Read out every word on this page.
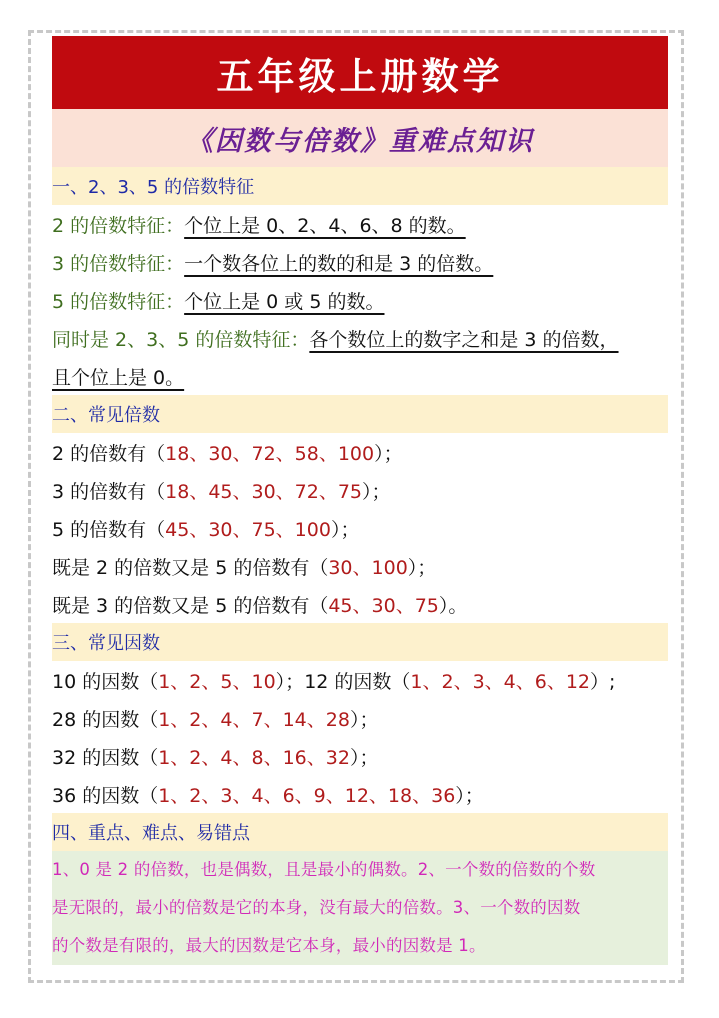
五年级上册数学
《因数与倍数》重难点知识
一、2、3、5 的倍数特征
2 的倍数特征： 个位上是 0、2、4、6、8 的数。
3 的倍数特征： 一个数各位上的数的和是 3 的倍数。
5 的倍数特征： 个位上是 0 或 5 的数。
同时是 2、3、5 的倍数特征： 各个数位上的数字之和是 3 的倍数，
且个位上是 0。
二、常见倍数
2 的倍数有（ 18、30、72、58、100 ）；
3 的倍数有（ 18、45、30、72、75 ）；
5 的倍数有（ 45、30、75、100 ）；
既是 2 的倍数又是 5 的倍数有（ 30、100 ）；
既是 3 的倍数又是 5 的倍数有（ 45、30、75 ）。
三、常见因数
10 的因数（ 1、2、5、10 ）； 12 的因数（ 1、2、3、4、6、12 ）;
28 的因数（ 1、2、4、7、14、28 ）；
32 的因数（ 1、2、4、8、16、32 ）；
36 的因数（ 1、2、3、4、6、9、12、18、36 ）；
四、重点、难点、易错点
1、0 是 2 的倍数，也是偶数，且是最小的偶数。2、一个数的倍数的个数
是无限的，最小的倍数是它的本身，没有最大的倍数。3、一个数的因数
的个数是有限的，最大的因数是它本身，最小的因数是 1。
